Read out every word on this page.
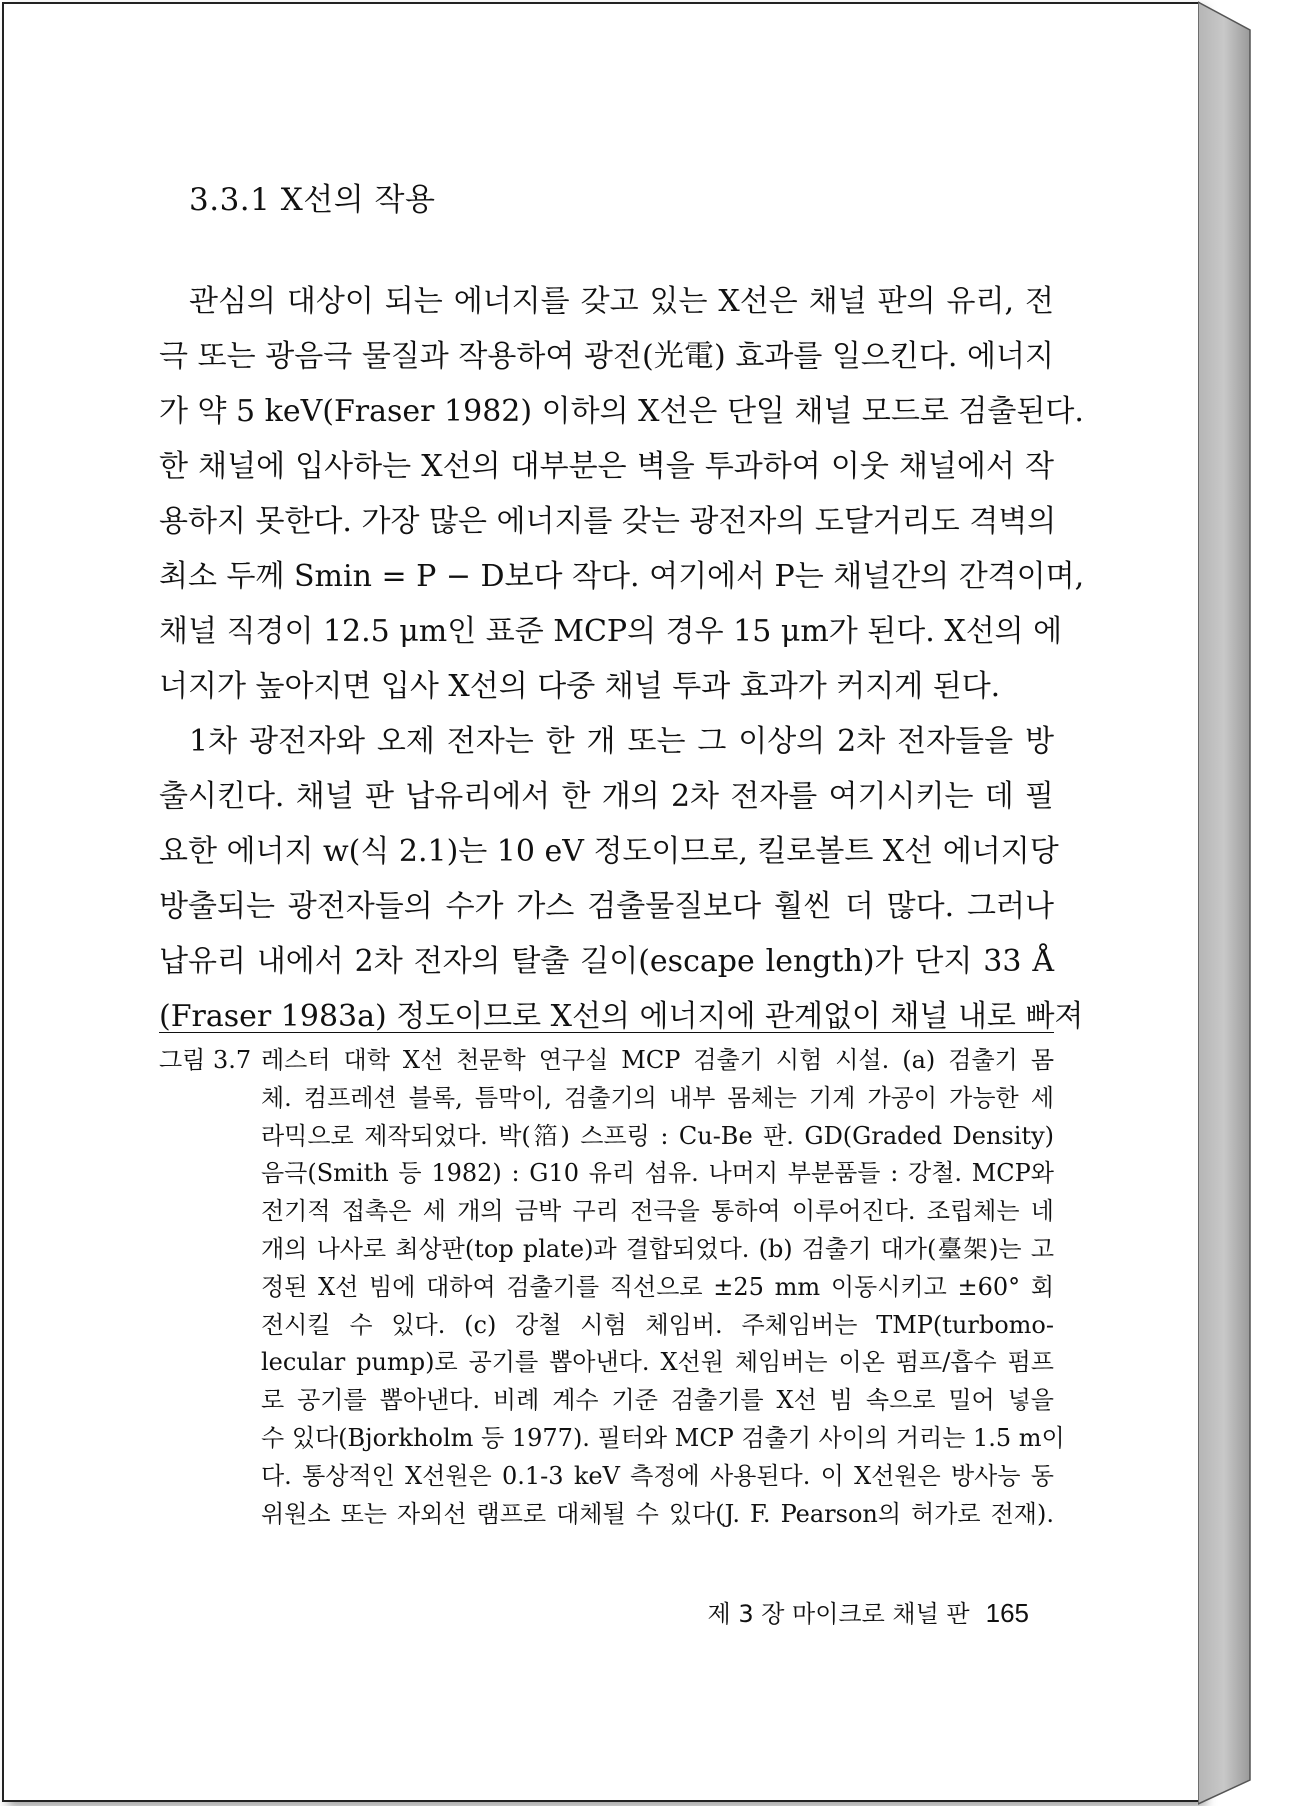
3.3.1 X선의 작용
관심의 대상이 되는 에너지를 갖고 있는 X선은 채널 판의 유리, 전
극 또는 광음극 물질과 작용하여 광전(光電) 효과를 일으킨다. 에너지
가 약 5 keV(Fraser 1982) 이하의 X선은 단일 채널 모드로 검출된다.
한 채널에 입사하는 X선의 대부분은 벽을 투과하여 이웃 채널에서 작
용하지 못한다. 가장 많은 에너지를 갖는 광전자의 도달거리도 격벽의
최소 두께 Smin = P − D보다 작다. 여기에서 P는 채널간의 간격이며,
채널 직경이 12.5 μm인 표준 MCP의 경우 15 μm가 된다. X선의 에
너지가 높아지면 입사 X선의 다중 채널 투과 효과가 커지게 된다.
1차 광전자와 오제 전자는 한 개 또는 그 이상의 2차 전자들을 방
출시킨다. 채널 판 납유리에서 한 개의 2차 전자를 여기시키는 데 필
요한 에너지 w(식 2.1)는 10 eV 정도이므로, 킬로볼트 X선 에너지당
방출되는 광전자들의 수가 가스 검출물질보다 훨씬 더 많다. 그러나
납유리 내에서 2차 전자의 탈출 길이(escape length)가 단지 33 Å
(Fraser 1983a) 정도이므로 X선의 에너지에 관계없이 채널 내로 빠져
그림 3.7 레스터 대학 X선 천문학 연구실 MCP 검출기 시험 시설. (a) 검출기 몸
체. 컴프레션 블록, 틈막이, 검출기의 내부 몸체는 기계 가공이 가능한 세
라믹으로 제작되었다. 박(箔) 스프링 : Cu-Be 판. GD(Graded Density)
음극(Smith 등 1982) : G10 유리 섬유. 나머지 부분품들 : 강철. MCP와
전기적 접촉은 세 개의 금박 구리 전극을 통하여 이루어진다. 조립체는 네
개의 나사로 최상판(top plate)과 결합되었다. (b) 검출기 대가(臺架)는 고
정된 X선 빔에 대하여 검출기를 직선으로 ±25 mm 이동시키고 ±60° 회
전시킬 수 있다. (c) 강철 시험 체임버. 주체임버는 TMP(turbomo-
lecular pump)로 공기를 뽑아낸다. X선원 체임버는 이온 펌프/흡수 펌프
로 공기를 뽑아낸다. 비례 계수 기준 검출기를 X선 빔 속으로 밀어 넣을
수 있다(Bjorkholm 등 1977). 필터와 MCP 검출기 사이의 거리는 1.5 m이
다. 통상적인 X선원은 0.1-3 keV 측정에 사용된다. 이 X선원은 방사능 동
위원소 또는 자외선 램프로 대체될 수 있다(J. F. Pearson의 허가로 전재).
제 3 장 마이크로 채널 판 165
